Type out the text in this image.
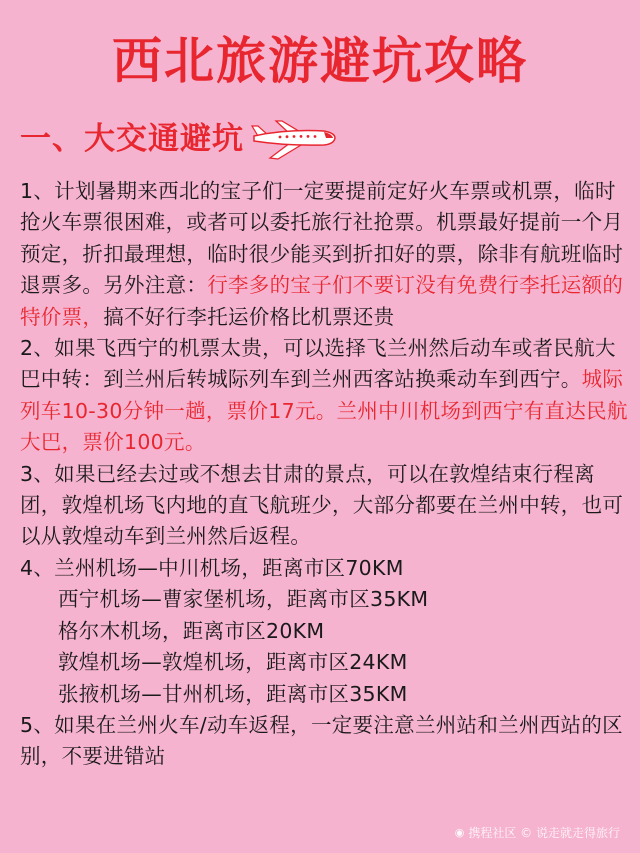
西北旅游避坑攻略
一、大交通避坑

1、计划暑期来西北的宝子们一定要提前定好火车票或机票，临时抢火车票很困难，或者可以委托旅行社抢票。机票最好提前一个月预定，折扣最理想，临时很少能买到折扣好的票，除非有航班临时退票多。另外注意：行李多的宝子们不要订没有免费行李托运额的特价票，搞不好行李托运价格比机票还贵

2、如果飞西宁的机票太贵，可以选择飞兰州然后动车或者民航大巴中转：到兰州后转城际列车到兰州西客站换乘动车到西宁。城际列车10-30分钟一趟，票价17元。兰州中川机场到西宁有直达民航大巴，票价100元。

3、如果已经去过或不想去甘肃的景点，可以在敦煌结束行程离团，敦煌机场飞内地的直飞航班少，大部分都要在兰州中转，也可以从敦煌动车到兰州然后返程。

4、兰州机场—中川机场，距离市区70KM

西宁机场—曹家堡机场，距离市区35KM

格尔木机场，距离市区20KM

敦煌机场—敦煌机场，距离市区24KM

张掖机场—甘州机场，距离市区35KM

5、如果在兰州火车/动车返程，一定要注意兰州站和兰州西站的区别，不要进错站

◉ 携程社区 © 说走就走得旅行
